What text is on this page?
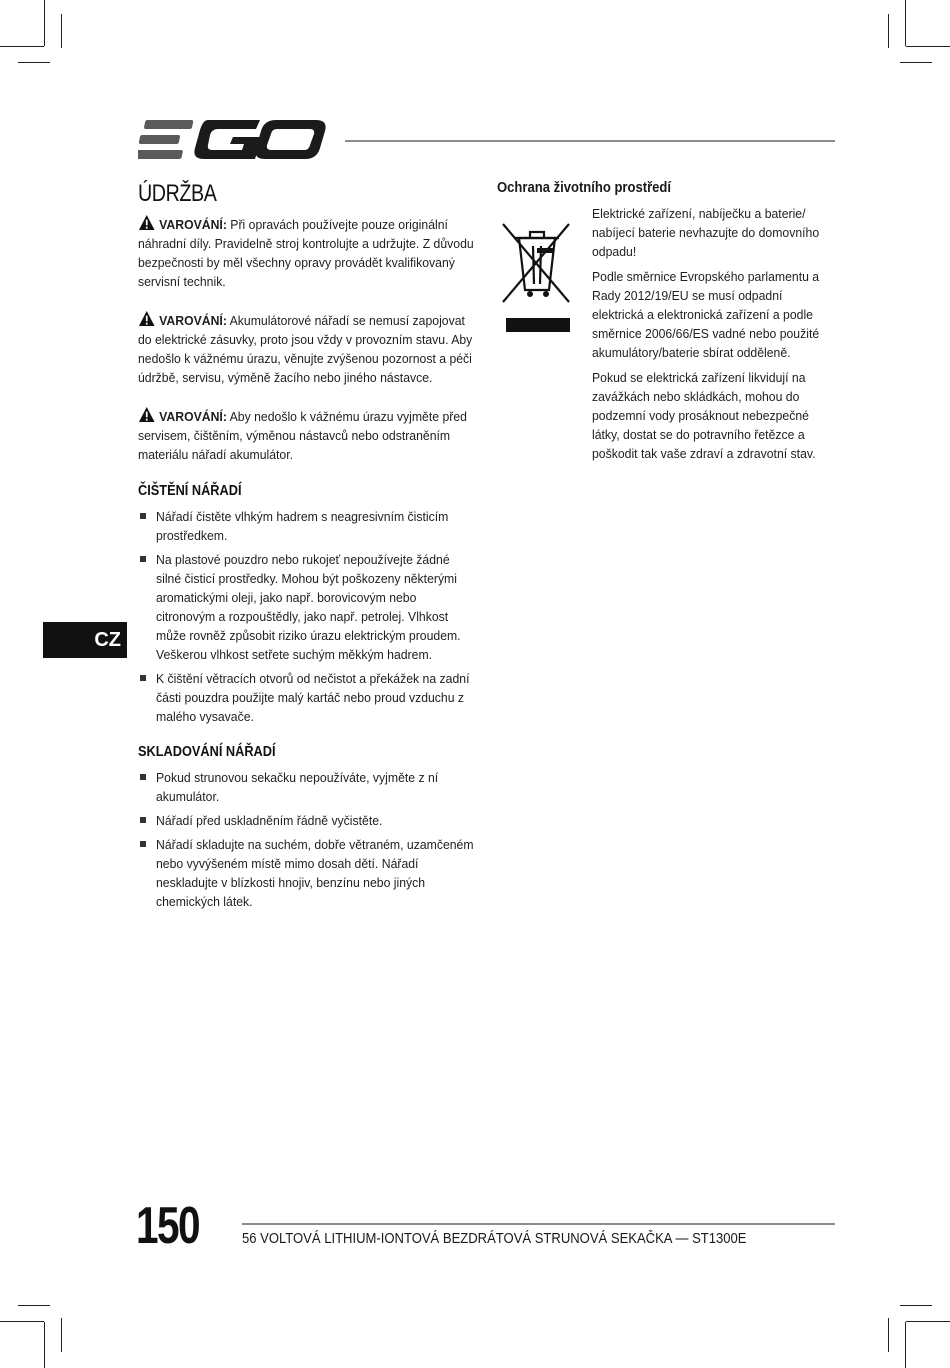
ÚDRŽBA

VAROVÁNÍ: Při opravách používejte pouze originální náhradní díly. Pravidelně stroj kontrolujte a udržujte. Z důvodu bezpečnosti by měl všechny opravy provádět kvalifikovaný servisní technik.

VAROVÁNÍ: Akumulátorové nářadí se nemusí zapojovat do elektrické zásuvky, proto jsou vždy v provozním stavu. Aby nedošlo k vážnému úrazu, věnujte zvýšenou pozornost a péči údržbě, servisu, výměně žacího nebo jiného nástavce.

VAROVÁNÍ: Aby nedošlo k vážnému úrazu vyjměte před servisem, čištěním, výměnou nástavců nebo odstraněním materiálu nářadí akumulátor.

ČIŠTĚNÍ NÁŘADÍ

Nářadí čistěte vlhkým hadrem s neagresivním čisticím prostředkem.

Na plastové pouzdro nebo rukojeť nepoužívejte žádné silné čisticí prostředky. Mohou být poškozeny některými aromatickými oleji, jako např. borovicovým nebo citronovým a rozpouštědly, jako např. petrolej. Vlhkost může rovněž způsobit riziko úrazu elektrickým proudem. Veškerou vlhkost setřete suchým měkkým hadrem.

K čištění větracích otvorů od nečistot a překážek na zadní části pouzdra použijte malý kartáč nebo proud vzduchu z malého vysavače.

SKLADOVÁNÍ NÁŘADÍ

Pokud strunovou sekačku nepoužíváte, vyjměte z ní akumulátor.

Nářadí před uskladněním řádně vyčistěte.

Nářadí skladujte na suchém, dobře větraném, uzamčeném nebo vyvýšeném místě mimo dosah dětí. Nářadí neskladujte v blízkosti hnojiv, benzínu nebo jiných chemických látek.

Ochrana životního prostředí

Elektrické zařízení, nabíječku a baterie/ nabíjecí baterie nevhazujte do domovního odpadu!

Podle směrnice Evropského parlamentu a Rady 2012/19/EU se musí odpadní elektrická a elektronická zařízení a podle směrnice 2006/66/ES vadné nebo použité akumulátory/baterie sbírat odděleně.

Pokud se elektrická zařízení likvidují na zavážkách nebo skládkách, mohou do podzemní vody prosáknout nebezpečné látky, dostat se do potravního řetězce a poškodit tak vaše zdraví a zdravotní stav.

CZ
150	56 VOLTOVÁ LITHIUM-IONTOVÁ BEZDRÁTOVÁ STRUNOVÁ SEKAČKA — ST1300E
